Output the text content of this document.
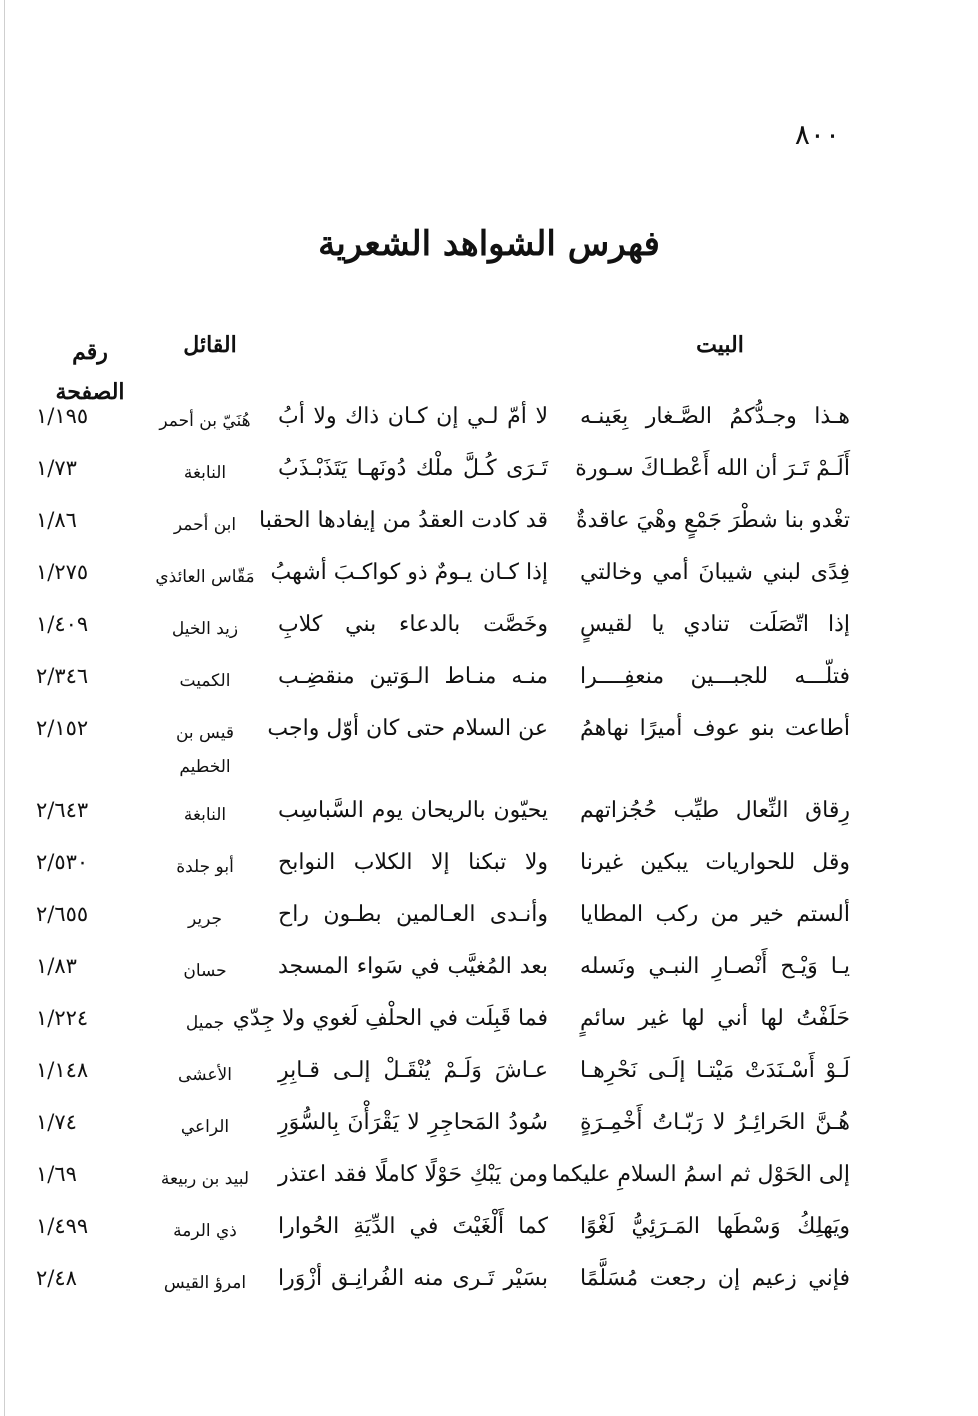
٨٠٠
فهرس الشواهد الشعرية
البيت
القائل
رقم الصفحة
هـذا وجـدُّكمُ الصَّـغار بِعَينـه
لا أمّ لـي إن كـان ذاك ولا أبُ
هُنَيّ بن أحمر
١/١٩٥
أَلَـمْ تَـرَ أن الله أَعْطـاكَ سـورة
تَـرَى كُـلَّ ملْك دُونَهـا يَتَذَبْـذَبُ
النابغة
١/٧٣
تغْدو بنا شطْرَ جَمْعٍ وهْيَ عاقدةٌ
قد كادت العقدُ من إيفادها الحقبا
ابن أحمر
١/٨٦
فِدًى لبني شيبانَ أمي وخالتي
إذا كـان يـومٌ ذو كواكـبَ أشهبُ
مَقّاس العائذي
١/٢٧٥
إذا اتّصَلَت تنادي يا لقيسٍ
وخَصَّت بالدعاء بني كلابِ
زيد الخيل
١/٤٠٩
فتلّـــه للجبـــين منعفِــــرا
منـه منـاط الـوَتين منقضِـب
الكميت
٢/٣٤٦
أطاعت بنو عوف أميرًا نهاهمُ
عن السلام حتى كان أوّل واجب
قيس بن الخطيم
٢/١٥٢
رِقاق النِّعال طيِّب حُجُزاتهم
يحيّون بالريحان يوم السَّباسِب
النابغة
٢/٦٤٣
وقل للحواريات يبكين غيرنا
ولا تبكنا إلا الكلاب النوابح
أبو جلدة
٢/٥٣٠
ألستم خير من ركب المطايا
وأنـدى العـالمين بطـون راح
جرير
٢/٦٥٥
يـا وَيْـح أَنْصـارِ النبـي ونَسله
بعد المُغيَّب في سَواء المسجد
حسان
١/٨٣
حَلَفْتُ لها أني لها غير سائمٍ
فما قَبِلَت في الحلْفِ لَغوي ولا جِدّي
جميل
١/٢٢٤
لَـوْ أَسْـنَدَتْ مَيْتـا إلَـى نَحْرِهـا
عـاشَ وَلَـمْ يُنْقَـلْ إلـى قـابِرِ
الأعشى
١/١٤٨
هُـنَّ الحَرائِـرُ لا رَبّـاتُ أَخْمِـرَةٍ
سُودُ المَحاجِرِ لا يَقْرَأْنَ بِالسُّوَرِ
الراعي
١/٧٤
إلى الحَوْل ثم اسمُ السلامِ عليكما
ومن يَبْكِ حَوْلًا كاملًا فقد اعتذر
لبيد بن ربيعة
١/٦٩
ويَهلِكُ وَسْطَها المَـرَئِيُّ لَغْوًا
كما أَلْغَيْتَ في الدِّيَةِ الحُوارا
ذي الرمة
١/٤٩٩
فإني زعيم إن رجعت مُسَلَّمًا
بسَيْر تَـرى منه الفُرانِـق أزْوَرا
امرؤ القيس
٢/٤٨
